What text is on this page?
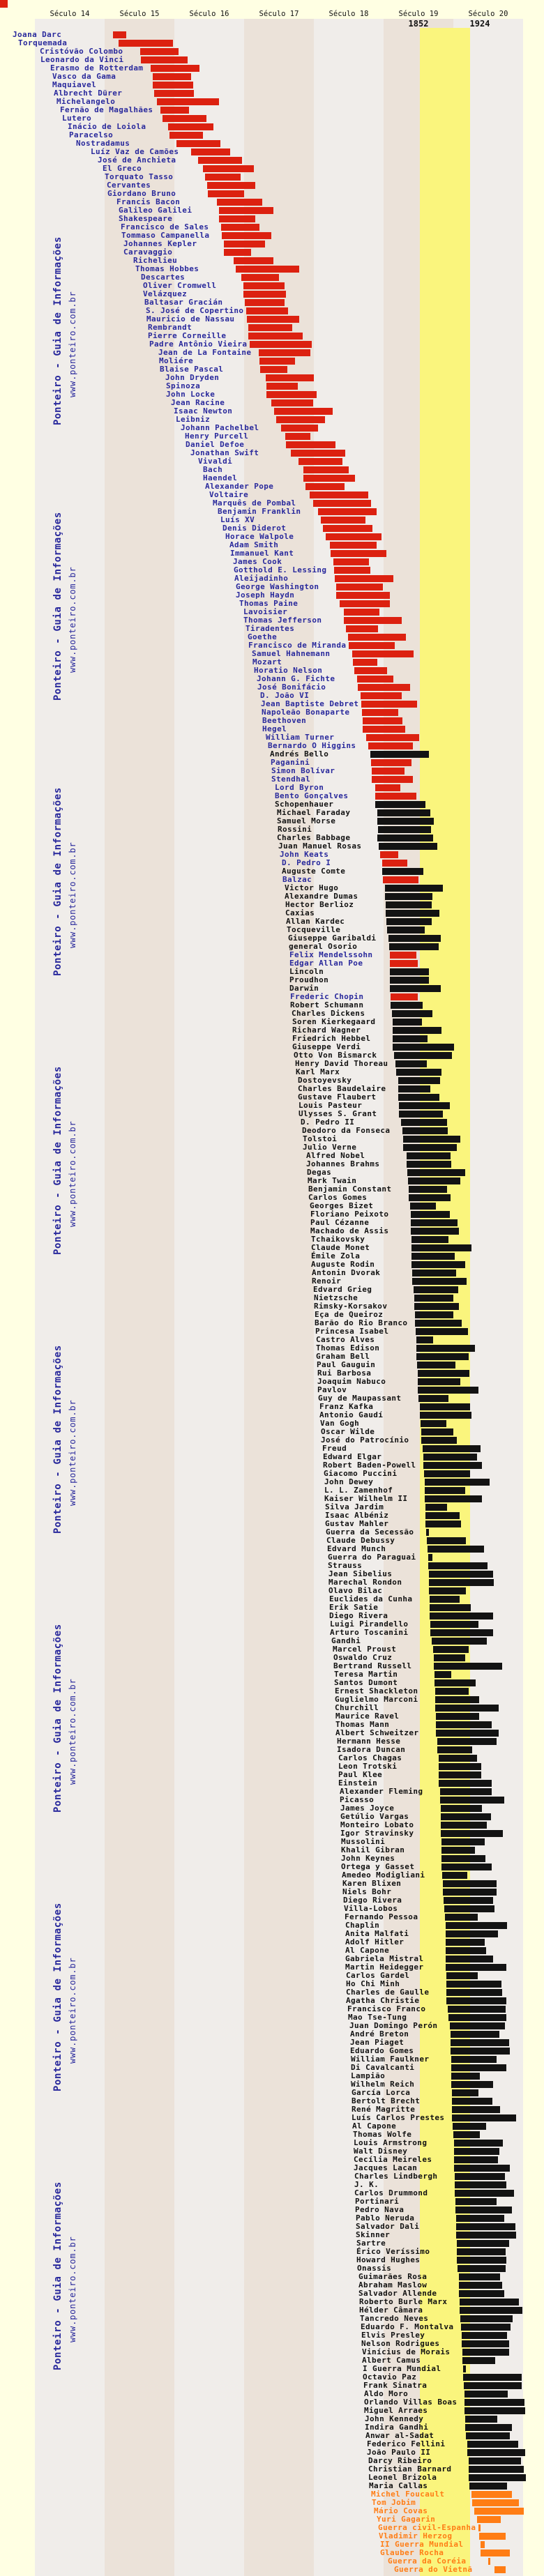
Século 14	Século 15	Século 16	Século 17	Século 18	Século 19	Século 20
1852	1924
Joana Darc
Torquemada
Cristóvão Colombo
Leonardo da Vinci
Erasmo de Rotterdam
Vasco da Gama
Maquiavel
Albrecht Dürer
Michelangelo
Fernão de Magalhães
Lutero
Inácio de Loiola
Paracelso
Nostradamus
Luíz Vaz de Camões
José de Anchieta
El Greco
Torquato Tasso
Cervantes
Giordano Bruno
Francis Bacon
Galileo Galilei
Shakespeare
Francisco de Sales
Tommaso Campanella
Johannes Kepler
Caravaggio
Richelieu
Thomas Hobbes
Descartes
Oliver Cromwell
Velázquez
Baltasar Gracián
S. José de Copertino
Mauricio de Nassau
Rembrandt
Pierre Corneille
Padre Antônio Vieira
Jean de La Fontaine
Moliére
Blaise Pascal
John Dryden
Spinoza
John Locke
Jean Racine
Isaac Newton
Leibniz
Johann Pachelbel
Henry Purcell
Daniel Defoe
Jonathan Swift
Vivaldi
Bach
Haendel
Alexander Pope
Voltaire
Marquês de Pombal
Benjamin Franklin
Luís XV
Denis Diderot
Horace Walpole
Adam Smith
Immanuel Kant
James Cook
Gotthold E. Lessing
Aleijadinho
George Washington
Joseph Haydn
Thomas Paine
Lavoisier
Thomas Jefferson
Tiradentes
Goethe
Francisco de Miranda
Samuel Hahnemann
Mozart
Horatio Nelson
Johann G. Fichte
José Bonifácio
D. João VI
Jean Baptiste Debret
Napoleão Bonaparte
Beethoven
Hegel
William Turner
Bernardo O Higgins
Andrés Bello
Paganini
Simon Bolívar
Stendhal
Lord Byron
Bento Gonçalves
Schopenhauer
Michael Faraday
Samuel Morse
Rossini
Charles Babbage
Juan Manuel Rosas
John Keats
D. Pedro I
Auguste Comte
Balzac
Victor Hugo
Alexandre Dumas
Hector Berlioz
Caxias
Allan Kardec
Tocqueville
Giuseppe Garibaldi
general Osorio
Felix Mendelssohn
Edgar Allan Poe
Lincoln
Proudhon
Darwin
Frederic Chopin
Robert Schumann
Charles Dickens
Soren Kierkegaard
Richard Wagner
Friedrich Hebbel
Giuseppe Verdi
Otto Von Bismarck
Henry David Thoreau
Karl Marx
Dostoyevsky
Charles Baudelaire
Gustave Flaubert
Louis Pasteur
Ulysses S. Grant
D. Pedro II
Deodoro da Fonseca
Tolstoi
Julio Verne
Alfred Nobel
Johannes Brahms
Degas
Mark Twain
Benjamin Constant
Carlos Gomes
Georges Bizet
Floriano Peixoto
Paul Cézanne
Machado de Assis
Tchaikovsky
Claude Monet
Émile Zola
Auguste Rodin
Antonin Dvorak
Renoir
Edvard Grieg
Nietzsche
Rimsky-Korsakov
Eça de Queiroz
Barão do Rio Branco
Princesa Isabel
Castro Alves
Thomas Edison
Graham Bell
Paul Gauguin
Rui Barbosa
Joaquim Nabuco
Pavlov
Guy de Maupassant
Franz Kafka
Antonio Gaudí
Van Gogh
Oscar Wilde
José do Patrocínio
Freud
Edward Elgar
Robert Baden-Powell
Giacomo Puccini
John Dewey
L. L. Zamenhof
Kaiser Wilhelm II
Silva Jardim
Isaac Albéniz
Gustav Mahler
Guerra da Secessão
Claude Debussy
Edvard Munch
Guerra do Paraguai
Strauss
Jean Sibelius
Marechal Rondon
Olavo Bilac
Euclides da Cunha
Erik Satie
Diego Rivera
Luigi Pirandello
Arturo Toscanini
Gandhi
Marcel Proust
Oswaldo Cruz
Bertrand Russell
Teresa Martin
Santos Dumont
Ernest Shackleton
Guglielmo Marconi
Churchill
Maurice Ravel
Thomas Mann
Albert Schweitzer
Hermann Hesse
Isadora Duncan
Carlos Chagas
Leon Trotski
Paul Klee
Einstein
Alexander Fleming
Picasso
James Joyce
Getúlio Vargas
Monteiro Lobato
Igor Stravinsky
Mussolini
Khalil Gibran
John Keynes
Ortega y Gasset
Amedeo Modigliani
Karen Blixen
Niels Bohr
Diego Rivera
Villa-Lobos
Fernando Pessoa
Chaplin
Anita Malfati
Adolf Hitler
Al Capone
Gabriela Mistral
Martin Heidegger
Carlos Gardel
Ho Chi Minh
Charles de Gaulle
Agatha Christie
Francisco Franco
Mao Tse-Tung
Juan Domingo Perón
André Breton
Jean Piaget
Eduardo Gomes
William Faulkner
Di Cavalcanti
Lampião
Wilhelm Reich
García Lorca
Bertolt Brecht
René Magritte
Luís Carlos Prestes
Al Capone
Thomas Wolfe
Louis Armstrong
Walt Disney
Cecília Meireles
Jacques Lacan
Charles Lindbergh
J. K.
Carlos Drummond
Portinari
Pedro Nava
Pablo Neruda
Salvador Dali
Skinner
Sartre
Érico Veríssimo
Howard Hughes
Onassis
Guimarães Rosa
Abraham Maslow
Salvador Allende
Roberto Burle Marx
Hélder Câmara
Tancredo Neves
Eduardo F. Montalva
Elvis Presley
Nelson Rodrigues
Vinícius de Morais
Albert Camus
I Guerra Mundial
Octavio Paz
Frank Sinatra
Aldo Moro
Orlando Villas Boas
Miguel Arraes
John Kennedy
Indira Gandhi
Anwar al-Sadat
Federico Fellini
João Paulo II
Darcy Ribeiro
Christian Barnard
Leonel Brizola
Maria Callas
Michel Foucault
Tom Jobim
Mário Covas
Yuri Gagarin
Guerra civil-Espanha
Vladimir Herzog
II Guerra Mundial
Glauber Rocha
Guerra da Coréia
Guerra do Vietnã
Ponteiro - Guia de Informações www.ponteiro.com.br
Ponteiro - Guia de Informações www.ponteiro.com.br
Ponteiro - Guia de Informações www.ponteiro.com.br
Ponteiro - Guia de Informações www.ponteiro.com.br
Ponteiro - Guia de Informações www.ponteiro.com.br
Ponteiro - Guia de Informações www.ponteiro.com.br
Ponteiro - Guia de Informações www.ponteiro.com.br
Ponteiro - Guia de Informações www.ponteiro.com.br
